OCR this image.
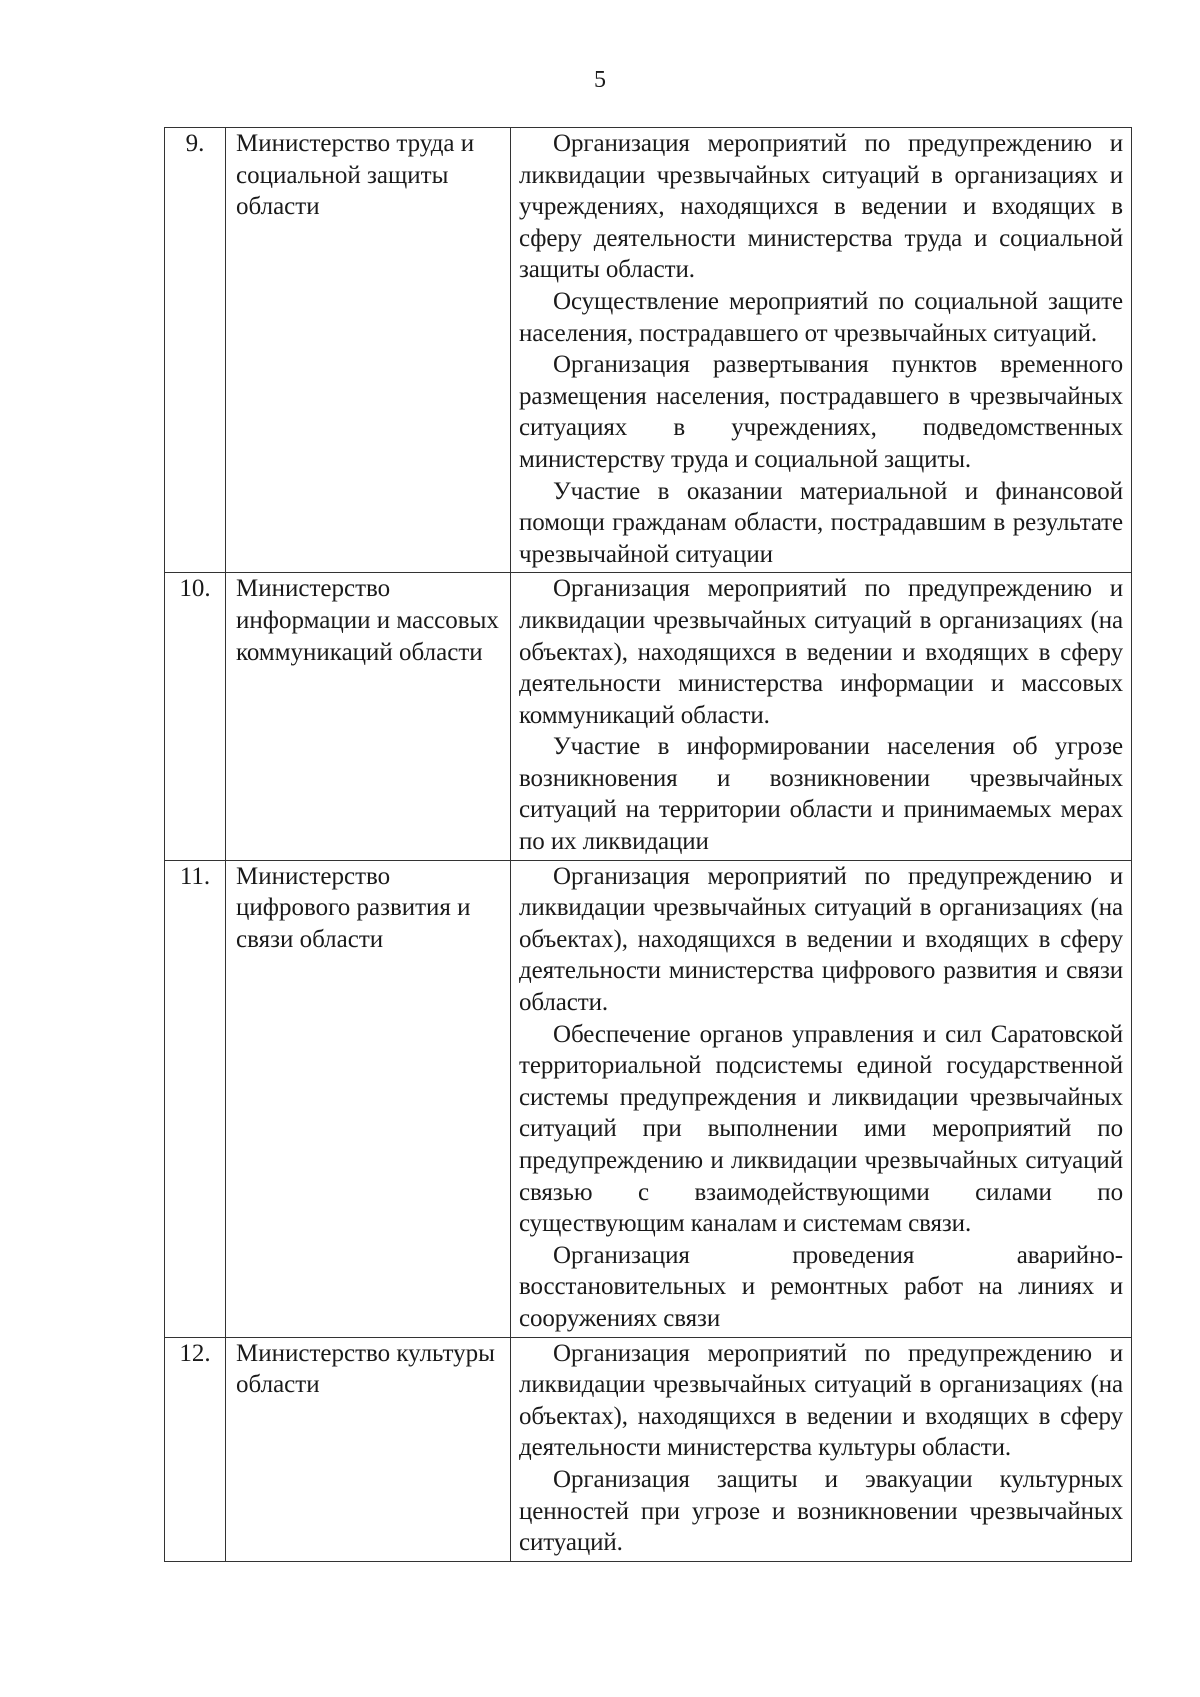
5
9.	Министерство труда и социальной защиты области	Организация мероприятий по предупреждению и ликвидации чрезвычайных ситуаций в организациях и учреждениях, находящихся в ведении и входящих в сферу деятельности министерства труда и социальной защиты области.

Осуществление мероприятий по социальной защите населения, пострадавшего от чрезвычайных ситуаций.

Организация развертывания пунктов временного размещения населения, пострадавшего в чрезвычайных ситуациях в учреждениях, подведомственных министерству труда и социальной защиты.

Участие в оказании материальной и финансовой помощи гражданам области, пострадавшим в результате чрезвычайной ситуации

10.	Министерство информации и массовых коммуникаций области	Организация мероприятий по предупреждению и ликвидации чрезвычайных ситуаций в организациях (на объектах), находящихся в ведении и входящих в сферу деятельности министерства информации и массовых коммуникаций области.

Участие в информировании населения об угрозе возникновения и возникновении чрезвычайных ситуаций на территории области и принимаемых мерах по их ликвидации

11.	Министерство цифрового развития и связи области	Организация мероприятий по предупреждению и ликвидации чрезвычайных ситуаций в организациях (на объектах), находящихся в ведении и входящих в сферу деятельности министерства цифрового развития и связи области.

Обеспечение органов управления и сил Саратовской территориальной подсистемы единой государственной системы предупреждения и ликвидации чрезвычайных ситуаций при выполнении ими мероприятий по предупреждению и ликвидации чрезвычайных ситуаций связью с взаимодействующими силами по существующим каналам и системам связи.

Организация проведения аварийно-восстановительных и ремонтных работ на линиях и сооружениях связи

12.	Министерство культуры области	Организация мероприятий по предупреждению и ликвидации чрезвычайных ситуаций в организациях (на объектах), находящихся в ведении и входящих в сферу деятельности министерства культуры области.

Организация защиты и эвакуации культурных ценностей при угрозе и возникновении чрезвычайных ситуаций.
